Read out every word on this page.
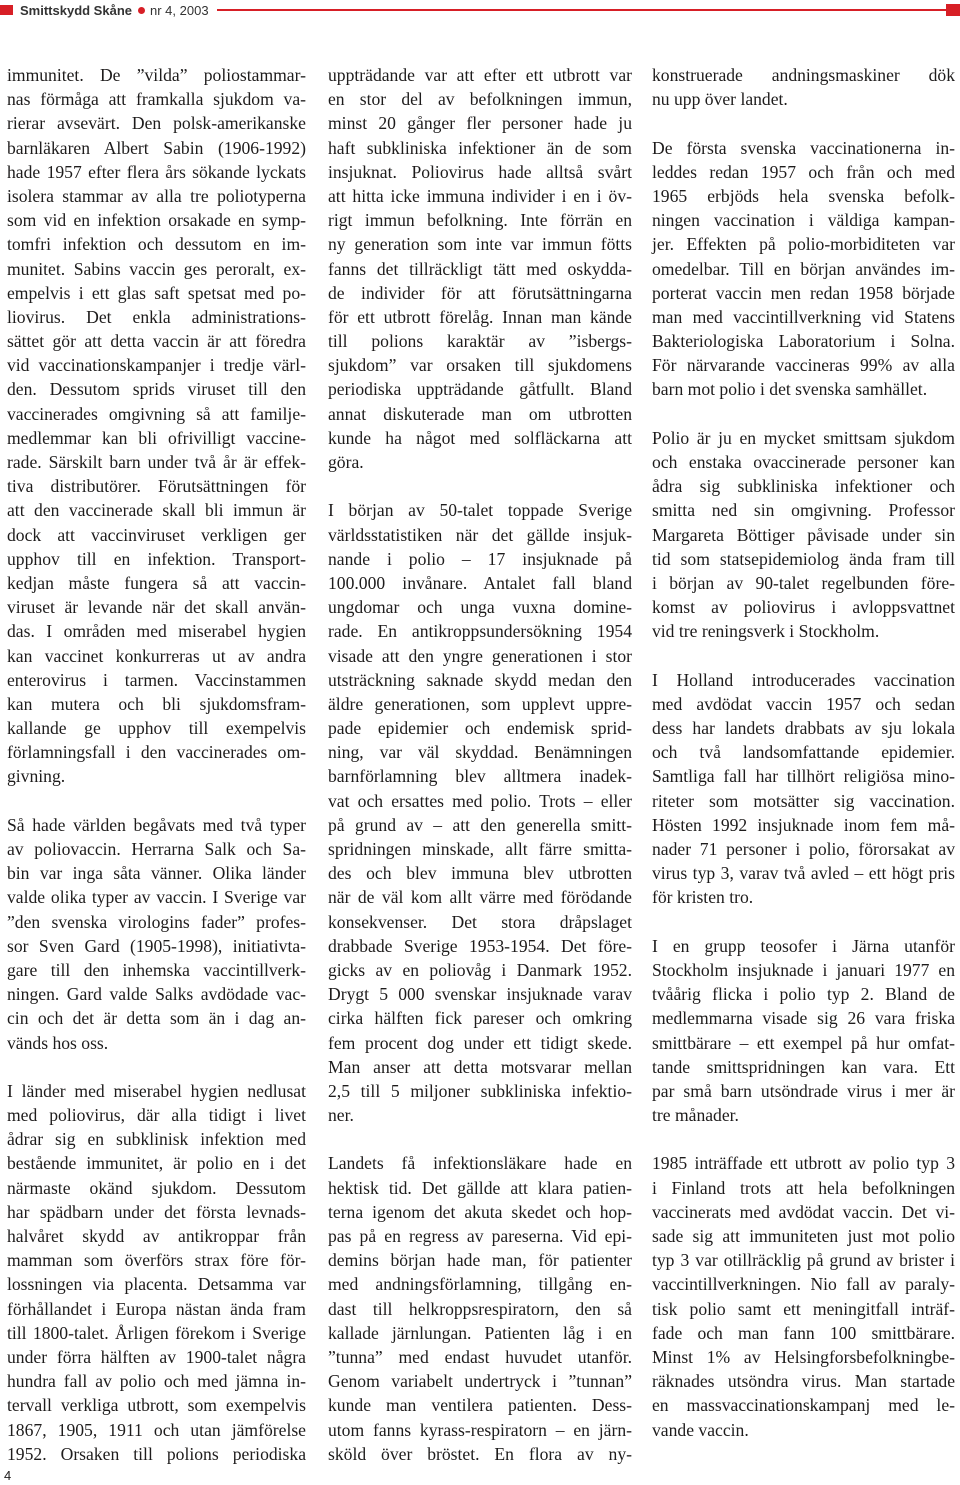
Smittskydd Skåne nr 4, 2003
immunitet. De ”vilda” poliostammar-
nas förmåga att framkalla sjukdom va-
rierar avsevärt. Den polsk-amerikanske
barnläkaren Albert Sabin (1906-1992)
hade 1957 efter flera års sökande lyckats
isolera stammar av alla tre poliotyperna
som vid en infektion orsakade en symp-
tomfri infektion och dessutom en im-
munitet. Sabins vaccin ges peroralt, ex-
empelvis i ett glas saft spetsat med po-
liovirus. Det enkla administrations-
sättet gör att detta vaccin är att föredra
vid vaccinationskampanjer i tredje värl-
den. Dessutom sprids viruset till den
vaccinerades omgivning så att familje-
medlemmar kan bli ofrivilligt vaccine-
rade. Särskilt barn under två år är effek-
tiva distributörer. Förutsättningen för
att den vaccinerade skall bli immun är
dock att vaccinviruset verkligen ger
upphov till en infektion. Transport-
kedjan måste fungera så att vaccin-
viruset är levande när det skall använ-
das. I områden med miserabel hygien
kan vaccinet konkurreras ut av andra
enterovirus i tarmen. Vaccinstammen
kan mutera och bli sjukdomsfram-
kallande ge upphov till exempelvis
förlamningsfall i den vaccinerades om-
givning.
Så hade världen begåvats med två typer
av poliovaccin. Herrarna Salk och Sa-
bin var inga såta vänner. Olika länder
valde olika typer av vaccin. I Sverige var
”den svenska virologins fader” profes-
sor Sven Gard (1905-1998), initiativta-
gare till den inhemska vaccintillverk-
ningen. Gard valde Salks avdödade vac-
cin och det är detta som än i dag an-
vänds hos oss.
I länder med miserabel hygien nedlusat
med poliovirus, där alla tidigt i livet
ådrar sig en subklinisk infektion med
bestående immunitet, är polio en i det
närmaste okänd sjukdom. Dessutom
har spädbarn under det första levnads-
halvåret skydd av antikroppar från
mamman som överförs strax före för-
lossningen via placenta. Detsamma var
förhållandet i Europa nästan ända fram
till 1800-talet. Årligen förekom i Sverige
under förra hälften av 1900-talet några
hundra fall av polio och med jämna in-
tervall verkliga utbrott, som exempelvis
1867, 1905, 1911 och utan jämförelse
1952. Orsaken till polions periodiska
uppträdande var att efter ett utbrott var
en stor del av befolkningen immun,
minst 20 gånger fler personer hade ju
haft subkliniska infektioner än de som
insjuknat. Poliovirus hade alltså svårt
att hitta icke immuna individer i en i öv-
rigt immun befolkning. Inte förrän en
ny generation som inte var immun fötts
fanns det tillräckligt tätt med oskydda-
de individer för att förutsättningarna
för ett utbrott förelåg. Innan man kände
till polions karaktär av ”isbergs-
sjukdom” var orsaken till sjukdomens
periodiska uppträdande gåtfullt. Bland
annat diskuterade man om utbrotten
kunde ha något med solfläckarna att
göra.
I början av 50-talet toppade Sverige
världsstatistiken när det gällde insjuk-
nande i polio – 17 insjuknade på
100.000 invånare. Antalet fall bland
ungdomar och unga vuxna domine-
rade. En antikroppsundersökning 1954
visade att den yngre generationen i stor
utsträckning saknade skydd medan den
äldre generationen, som upplevt uppre-
pade epidemier och endemisk sprid-
ning, var väl skyddad. Benämningen
barnförlamning blev alltmera inadek-
vat och ersattes med polio. Trots – eller
på grund av – att den generella smitt-
spridningen minskade, allt färre smitta-
des och blev immuna blev utbrotten
när de väl kom allt värre med förödande
konsekvenser. Det stora dråpslaget
drabbade Sverige 1953-1954. Det före-
gicks av en poliovåg i Danmark 1952.
Drygt 5 000 svenskar insjuknade varav
cirka hälften fick pareser och omkring
fem procent dog under ett tidigt skede.
Man anser att detta motsvarar mellan
2,5 till 5 miljoner subkliniska infektio-
ner.
Landets få infektionsläkare hade en
hektisk tid. Det gällde att klara patien-
terna igenom det akuta skedet och hop-
pas på en regress av pareserna. Vid epi-
demins början hade man, för patienter
med andningsförlamning, tillgång en-
dast till helkroppsrespiratorn, den så
kallade järnlungan. Patienten låg i en
”tunna” med endast huvudet utanför.
Genom variabelt undertryck i ”tunnan”
kunde man ventilera patienten. Dess-
utom fanns kyrass-respiratorn – en järn-
sköld över bröstet. En flora av ny-
konstruerade andningsmaskiner dök
nu upp över landet.
De första svenska vaccinationerna in-
leddes redan 1957 och från och med
1965 erbjöds hela svenska befolk-
ningen vaccination i väldiga kampan-
jer. Effekten på polio-morbiditeten var
omedelbar. Till en början användes im-
porterat vaccin men redan 1958 började
man med vaccintillverkning vid Statens
Bakteriologiska Laboratorium i Solna.
För närvarande vaccineras 99% av alla
barn mot polio i det svenska samhället.
Polio är ju en mycket smittsam sjukdom
och enstaka ovaccinerade personer kan
ådra sig subkliniska infektioner och
smitta ned sin omgivning. Professor
Margareta Böttiger påvisade under sin
tid som statsepidemiolog ända fram till
i början av 90-talet regelbunden före-
komst av poliovirus i avloppsvattnet
vid tre reningsverk i Stockholm.
I Holland introducerades vaccination
med avdödat vaccin 1957 och sedan
dess har landets drabbats av sju lokala
och två landsomfattande epidemier.
Samtliga fall har tillhört religiösa mino-
riteter som motsätter sig vaccination.
Hösten 1992 insjuknade inom fem må-
nader 71 personer i polio, förorsakat av
virus typ 3, varav två avled – ett högt pris
för kristen tro.
I en grupp teosofer i Järna utanför
Stockholm insjuknade i januari 1977 en
tvåårig flicka i polio typ 2. Bland de
medlemmarna visade sig 26 vara friska
smittbärare – ett exempel på hur omfat-
tande smittspridningen kan vara. Ett
par små barn utsöndrade virus i mer är
tre månader.
1985 inträffade ett utbrott av polio typ 3
i Finland trots att hela befolkningen
vaccinerats med avdödat vaccin. Det vi-
sade sig att immuniteten just mot polio
typ 3 var otillräcklig på grund av brister i
vaccintillverkningen. Nio fall av paraly-
tisk polio samt ett meningitfall inträf-
fade och man fann 100 smittbärare.
Minst 1% av Helsingforsbefolkningbe-
räknades utsöndra virus. Man startade
en massvaccinationskampanj med le-
vande vaccin.
4
